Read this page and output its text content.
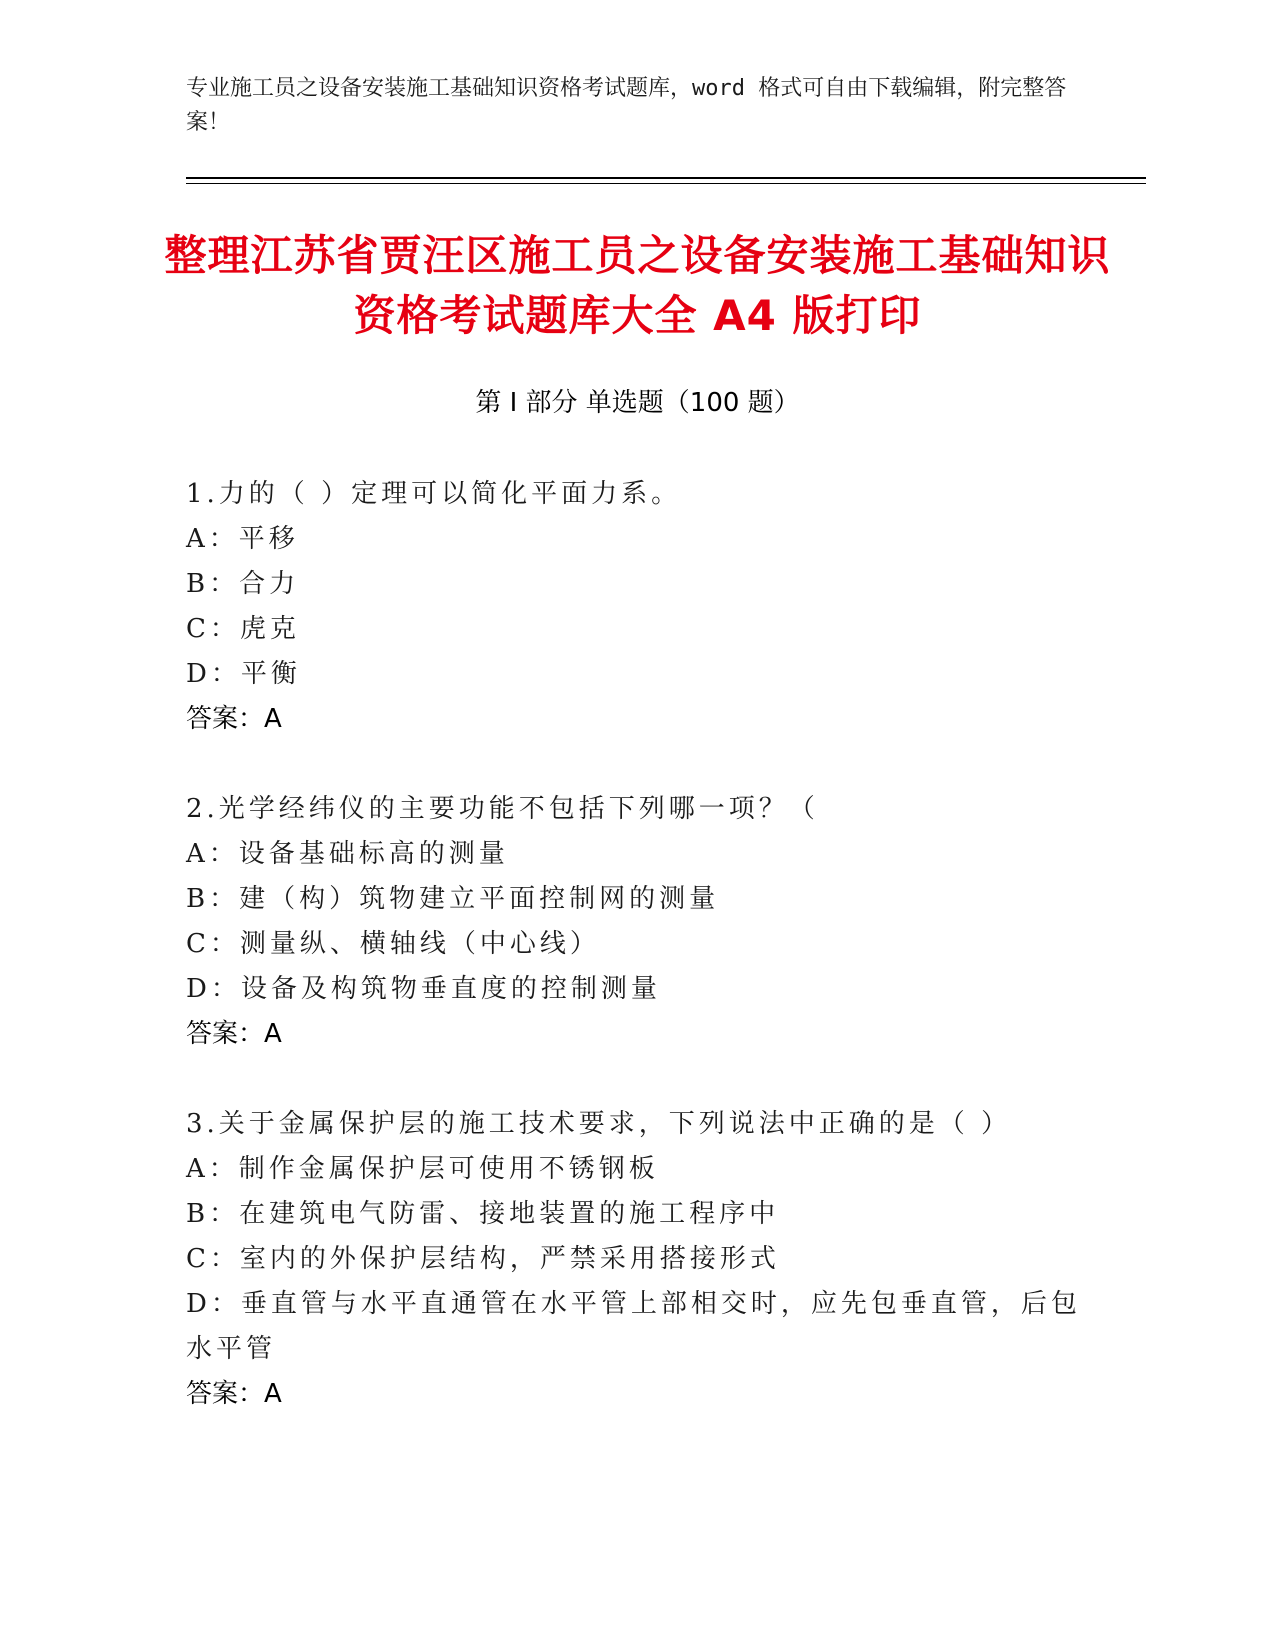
专业施工员之设备安装施工基础知识资格考试题库，word 格式可自由下载编辑，附完整答案！
整理江苏省贾汪区施工员之设备安装施工基础知识资格考试题库大全 A4 版打印
第 I 部分 单选题（100 题）
1.力的（ ）定理可以简化平面力系。
A：平移
B：合力
C：虎克
D：平衡
答案：A
2.光学经纬仪的主要功能不包括下列哪一项？（
A：设备基础标高的测量
B：建（构）筑物建立平面控制网的测量
C：测量纵、横轴线（中心线）
D：设备及构筑物垂直度的控制测量
答案：A
3.关于金属保护层的施工技术要求，下列说法中正确的是（ ）
A：制作金属保护层可使用不锈钢板
B：在建筑电气防雷、接地装置的施工程序中
C：室内的外保护层结构，严禁采用搭接形式
D：垂直管与水平直通管在水平管上部相交时，应先包垂直管，后包水平管
答案：A
